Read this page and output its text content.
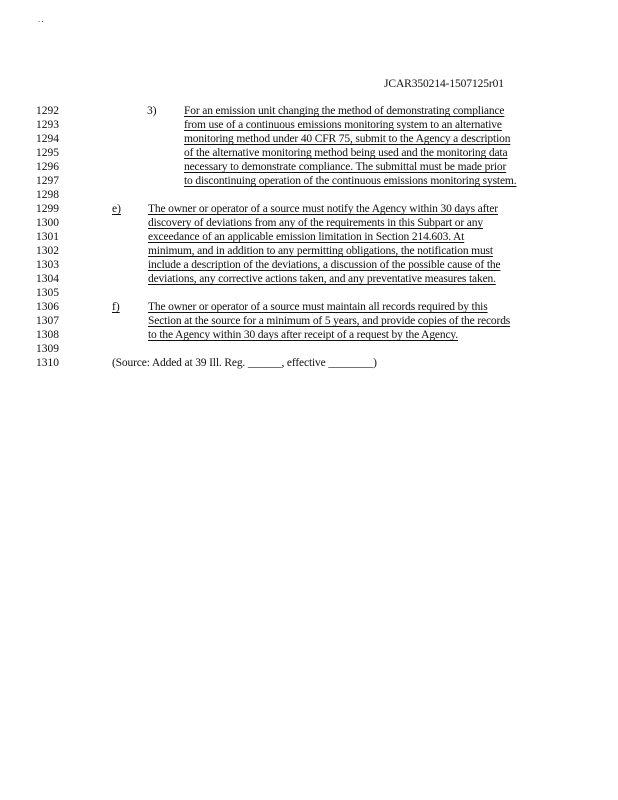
..
JCAR350214-1507125r01
1292	3) For an emission unit changing the method of demonstrating compliance
1293	from use of a continuous emissions monitoring system to an alternative
1294	monitoring method under 40 CFR 75, submit to the Agency a description
1295	of the alternative monitoring method being used and the monitoring data
1296	necessary to demonstrate compliance. The submittal must be made prior
1297	to discontinuing operation of the continuous emissions monitoring system.
1298
1299	e) The owner or operator of a source must notify the Agency within 30 days after
1300	discovery of deviations from any of the requirements in this Subpart or any
1301	exceedance of an applicable emission limitation in Section 214.603. At
1302	minimum, and in addition to any permitting obligations, the notification must
1303	include a description of the deviations, a discussion of the possible cause of the
1304	deviations, any corrective actions taken, and any preventative measures taken.
1305
1306	f) The owner or operator of a source must maintain all records required by this
1307	Section at the source for a minimum of 5 years, and provide copies of the records
1308	to the Agency within 30 days after receipt of a request by the Agency.
1309
1310	(Source: Added at 39 Ill. Reg. ______, effective ________)
